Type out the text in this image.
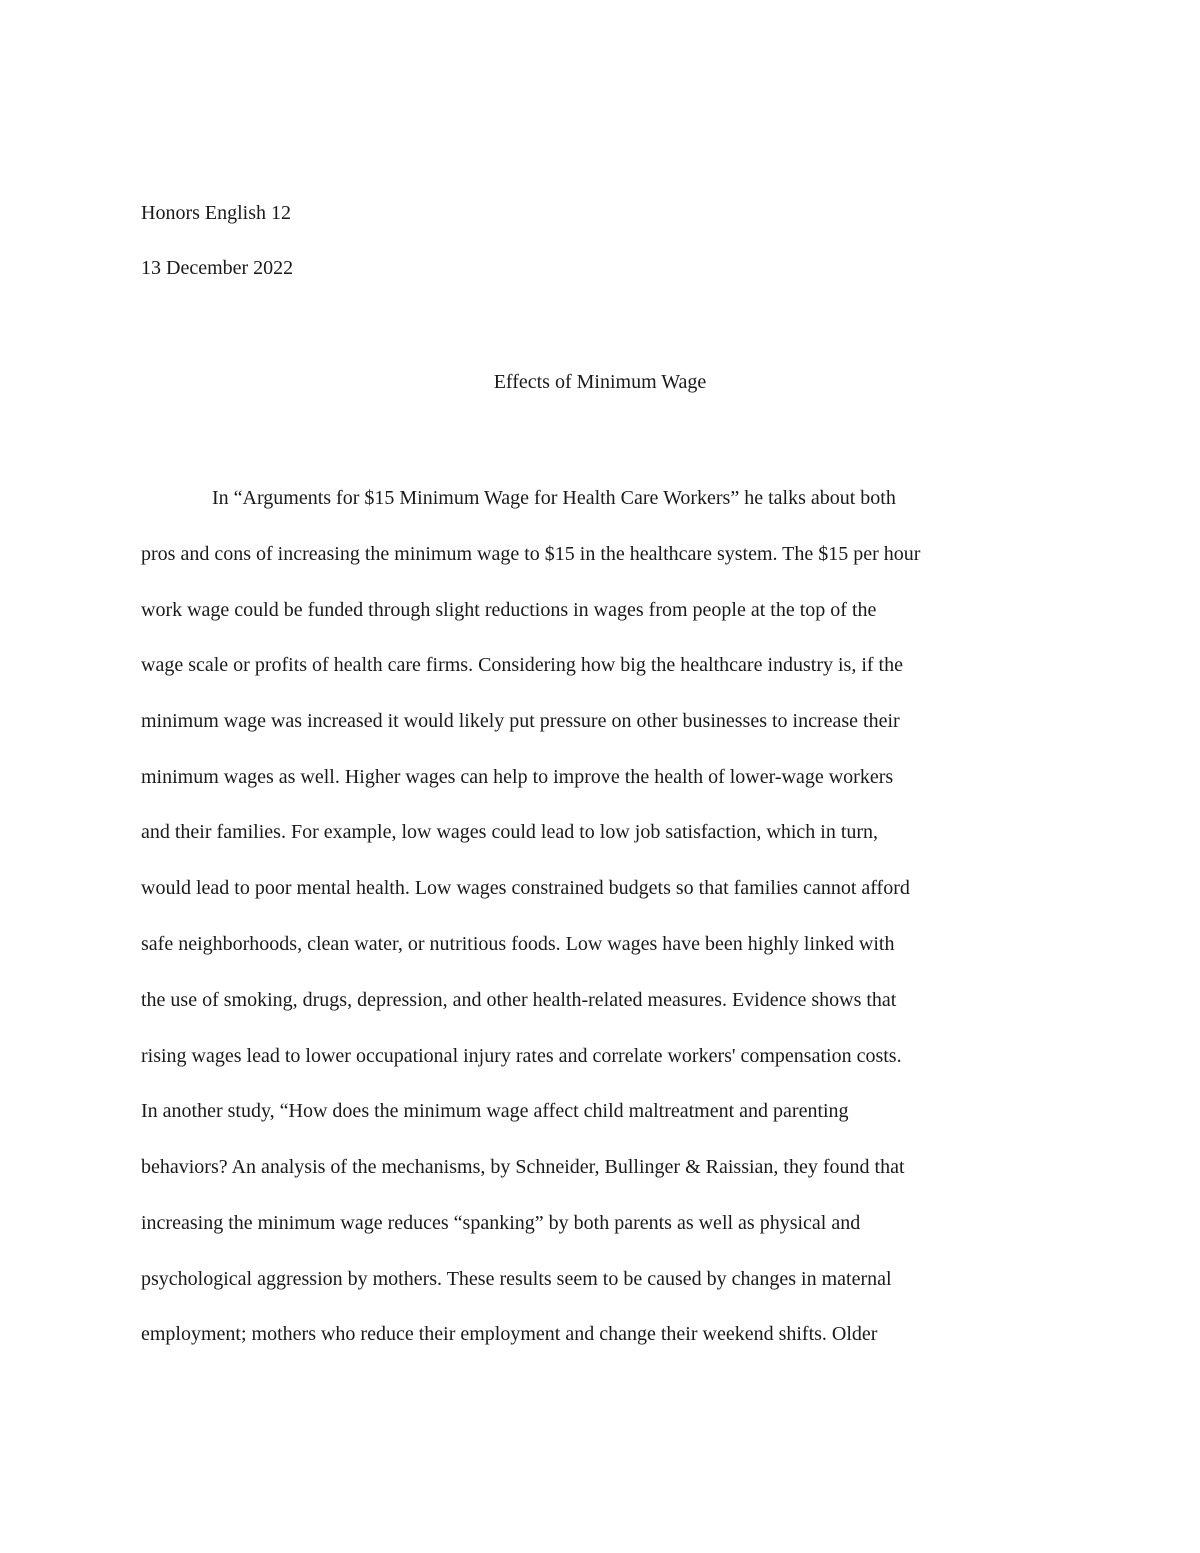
Honors English 12
13 December 2022
Effects of Minimum Wage
In “Arguments for $15 Minimum Wage for Health Care Workers” he talks about both
pros and cons of increasing the minimum wage to $15 in the healthcare system. The $15 per hour
work wage could be funded through slight reductions in wages from people at the top of the
wage scale or profits of health care firms. Considering how big the healthcare industry is, if the
minimum wage was increased it would likely put pressure on other businesses to increase their
minimum wages as well. Higher wages can help to improve the health of lower-wage workers
and their families. For example, low wages could lead to low job satisfaction, which in turn,
would lead to poor mental health. Low wages constrained budgets so that families cannot afford
safe neighborhoods, clean water, or nutritious foods. Low wages have been highly linked with
the use of smoking, drugs, depression, and other health-related measures. Evidence shows that
rising wages lead to lower occupational injury rates and correlate workers' compensation costs.
In another study, “How does the minimum wage affect child maltreatment and parenting
behaviors? An analysis of the mechanisms, by Schneider, Bullinger & Raissian, they found that
increasing the minimum wage reduces “spanking” by both parents as well as physical and
psychological aggression by mothers. These results seem to be caused by changes in maternal
employment; mothers who reduce their employment and change their weekend shifts. Older
